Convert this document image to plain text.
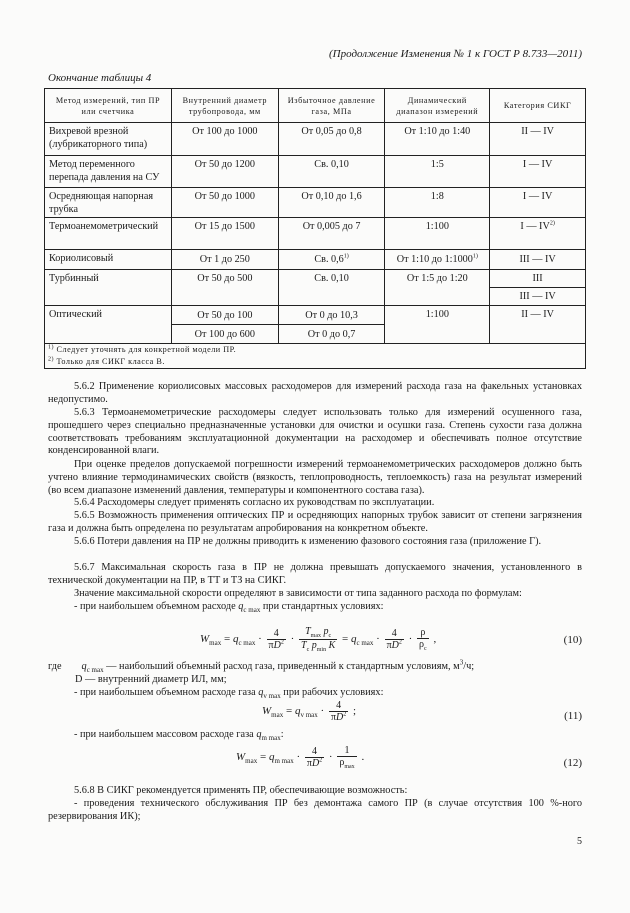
(Продолжение Изменения № 1 к ГОСТ Р 8.733—2011)
Окончание таблицы 4
Метод измерений, тип ПР или счетчика	Внутренний диаметр трубопровода, мм	Избыточное давление газа, МПа	Динамический диапазон измерений	Категория СИКГ
Вихревой врезной (лубрикаторного типа)	От 100 до 1000	От 0,05 до 0,8	От 1:10 до 1:40	II — IV
Метод переменного перепада давления на СУ	От 50 до 1200	Св. 0,10	1:5	I — IV
Осредняющая напорная трубка	От 50 до 1000	От 0,10 до 1,6	1:8	I — IV
Термоанемометрический	От 15 до 1500	От 0,005 до 7	1:100	I — IV$^{2)}$
Кориолисовый	От 1 до 250	Св. 0,6$^{1)}$	От 1:10 до 1:1000$^{1)}$	III — IV
Турбинный	От 50 до 500	Св. 0,10	От 1:5 до 1:20	III
				III — IV
Оптический	От 50 до 100	От 0 до 10,3	1:100	II — IV
	От 100 до 600	От 0 до 0,7		

$^{1)}$ Следует уточнять для конкретной модели ПР.
$^{2)}$ Только для СИКГ класса В.				
5.6.2 Применение кориолисовых массовых расходомеров для измерений расхода газа на факельных установках недопустимо.
5.6.3 Термоанемометрические расходомеры следует использовать только для измерений осушенного газа, прошедшего через специально предназначенные установки для очистки и осушки газа. Степень сухости газа должна соответствовать требованиям эксплуатационной документации на расходомер и обеспечивать полное отсутствие конденсированной влаги.
При оценке пределов допускаемой погрешности измерений термоанемометрических расходомеров должно быть учтено влияние термодинамических свойств (вязкость, теплопроводность, теплоемкость) газа на результат измерений (во всем диапазоне изменений давления, температуры и компонентного состава газа).
5.6.4 Расходомеры следует применять согласно их руководствам по эксплуатации.
5.6.5 Возможность применения оптических ПР и осредняющих напорных трубок зависит от степени загрязнения газа и должна быть определена по результатам апробирования на конкретном объекте.
5.6.6 Потери давления на ПР не должны приводить к изменению фазового состояния газа (приложение Г).
5.6.7 Максимальная скорость газа в ПР не должна превышать допускаемого значения, установленного в технической документации на ПР, в ТТ и ТЗ на СИКГ.
Значение максимальной скорости определяют в зависимости от типа заданного расхода по формулам:
- при наибольшем объемном расходе $q_{c max}$ при стандартных условиях:
$W_{max} = q_{c max} \cdot \frac{4}{\pi D^2} \cdot \frac{T_{max} p_c}{T_c p_{min} K} = q_{c max} \cdot \frac{4}{\pi D^2} \cdot \frac{\rho}{\rho_c}$ ,	(10)
где $q_{c max}$ — наибольший объемный расход газа, приведенный к стандартным условиям, $м^3/ч$;
D — внутренний диаметр ИЛ, мм;
- при наибольшем объемном расходе газа $q_{v max}$ при рабочих условиях:
$W_{max} = q_{v max} \cdot \frac{4}{\pi D^2}$ ;	(11)
- при наибольшем массовом расходе газа $q_{m max}$:
$W_{max} = q_{m max} \cdot \frac{4}{\pi D^2} \cdot \frac{1}{\rho_{max}}$ .	(12)
5.6.8 В СИКГ рекомендуется применять ПР, обеспечивающие возможность:
- проведения технического обслуживания ПР без демонтажа самого ПР (в случае отсутствия 100 %-ного резервирования ИК);
5
